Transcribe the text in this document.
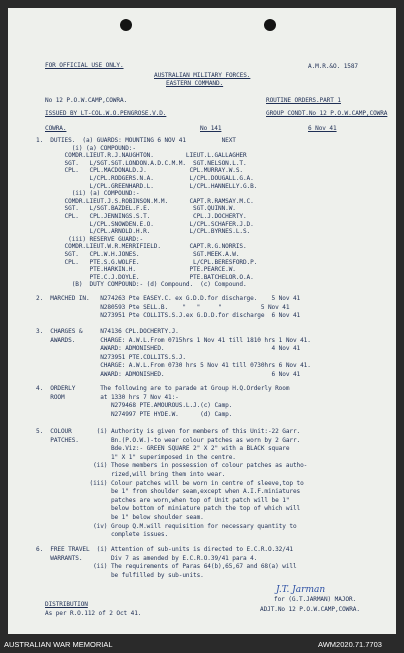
FOR OFFICIAL USE ONLY.	A.M.R.&O. 1587
AUSTRALIAN MILITARY FORCES.
EASTERN COMMAND.
No 12 P.O.W.CAMP,COWRA.	ROUTINE ORDERS.PART 1
ISSUED BY LT-COL.W.O.PENGROSE.V.D.	GROUP CONDT.No 12 P.O.W.CAMP,COWRA
COWRA.	No 141	6 Nov 41
1.  DUTIES.  (a) GUARDS: MOUNTING 6 NOV 41          NEXT
(i) (a) COMPOUND:-
COMDR.LIEUT.R.J.NAUGHTON.         LIEUT.L.GALLAGHER
SGT.   L/SGT.SGT.LONDON.A.D.C.M.M.  SGT.NELSON.L.T.
CPL.   CPL.MACDONALD.J.            CPL.MURRAY.W.S.
L/CPL.RODGERS.N.A.          L/CPL.DOUGALL.G.A.
L/CPL.GREENHARD.L.          L/CPL.HANNELLY.G.B.
(ii) (a) COMPOUND:-
COMDR.LIEUT.J.S.ROBINSON.M.M.      CAPT.R.RAMSAY.M.C.
SGT.   L/SGT.BAZDEL.F.E.            SGT.QUINN.W.
CPL.   CPL.JENNINGS.S.T.            CPL.J.DOCHERTY.
L/CPL.SNOWDEN.E.O.          L/CPL.SCHAFER.J.D.
L/CPL.ARNOLD.H.R.           L/CPL.BYRNES.L.S.
(iii) RESERVE GUARD:-
COMDR.LIEUT.W.R.MERRIFIELD.        CAPT.R.G.NORRIS.
SGT.   CPL.W.H.JONES.               SGT.MEEK.A.W.
CPL.   PTE.S.G.WOLFE.               L/CPL.BERESFORD.P.
PTE.HARKIN.H.               PTE.PEARCE.W.
PTE.C.J.DOYLE.              PTE.BATCHELOR.O.A.
(B)  DUTY COMPOUND:- (d) Compound.  (c) Compound.
2.  MARCHED IN.   N274263 Pte EASEY.C. ex G.D.D.for discharge.    5 Nov 41
N280593 Pte SELL.B.    "   "     "           5 Nov 41
N273951 Pte COLLITS.S.J.ex G.D.D.for discharge  6 Nov 41
3.  CHARGES &     N74136 CPL.DOCHERTY.J.
AWARDS.       CHARGE: A.W.L.From 0715hrs 1 Nov 41 till 1810 hrs 1 Nov 41.
AWARD: ADMONISHED.                              4 Nov 41
N273951 PTE.COLLITS.S.J.
CHARGE: A.W.L.From 0730 hrs 5 Nov 41 till 0730hrs 6 Nov 41.
AWARD: ADMONISHED.                              6 Nov 41
4.  ORDERLY       The following are to parade at Group H.Q.Orderly Room
ROOM          at 1330 hrs 7 Nov 41:-
N279468 PTE.AMOUROUS.L.J.(c) Camp.
N274997 PTE HYDE.W.      (d) Camp.
5.  COLOUR       (i) Authority is given for members of this Unit:-22 Garr.
PATCHES.         Bn.(P.O.W.)-to wear colour patches as worn by 2 Garr.
Bde.Viz:- GREEN SQUARE 2" X 2" with a BLACK square
1" X 1" superimposed in the centre.
(ii) Those members in possession of colour patches as autho-
rized,will bring them into wear.
(iii) Colour patches will be worn in centre of sleeve,top to
be 1" from shoulder seam,except when A.I.F.miniatures
patches are worn,when top of Unit patch will be 1"
below bottom of miniature patch the top of which will
be 1" below shoulder seam.
(iv) Group Q.M.will requisition for necessary quantity to
complete issues.
6.  FREE TRAVEL  (i) Attention of sub-units is directed to E.C.R.O.32/41
WARRANTS.        Div 7 as amended by E.C.R.O.39/41 para 4.
(ii) The requirements of Paras 64(b),65,67 and 68(a) will
be fulfilled by sub-units.
J.T. Jarman
for (G.T.JARMAN) MAJOR.
ADJT.No 12 P.O.W.CAMP,COWRA.
DISTRIBUTION
As per R.O.112 of 2 Oct 41.
AUSTRALIAN WAR MEMORIAL	AWM2020.71.7703
